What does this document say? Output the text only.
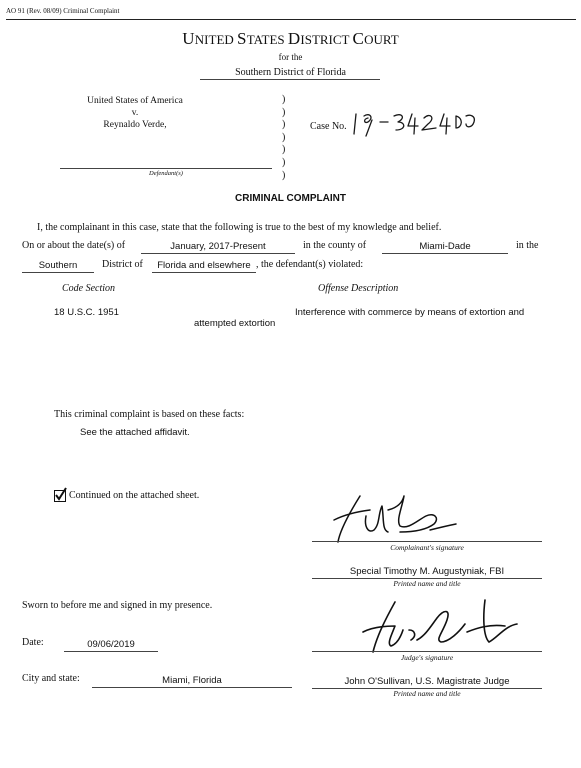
AO 91 (Rev. 08/09) Criminal Complaint
UNITED STATES DISTRICT COURT
for the
Southern District of Florida
United States of America
v.
Reynaldo Verde,
Defendant(s)
)
)
)
)
)
)
)
Case No.
CRIMINAL COMPLAINT
I, the complainant in this case, state that the following is true to the best of my knowledge and belief.
On or about the date(s) of	January, 2017-Present	in the county of	Miami-Dade	in the
Southern	District of	Florida and elsewhere , the defendant(s) violated:
Code Section	Offense Description
18 U.S.C. 1951	Interference with commerce by means of extortion and
attempted extortion
This criminal complaint is based on these facts:
See the attached affidavit.
Continued on the attached sheet.
Complainant's signature
Special Timothy M. Augustyniak, FBI
Printed name and title
Sworn to before me and signed in my presence.
Date:	09/06/2019
Judge's signature
City and state:	Miami, Florida	John O'Sullivan, U.S. Magistrate Judge
Printed name and title
